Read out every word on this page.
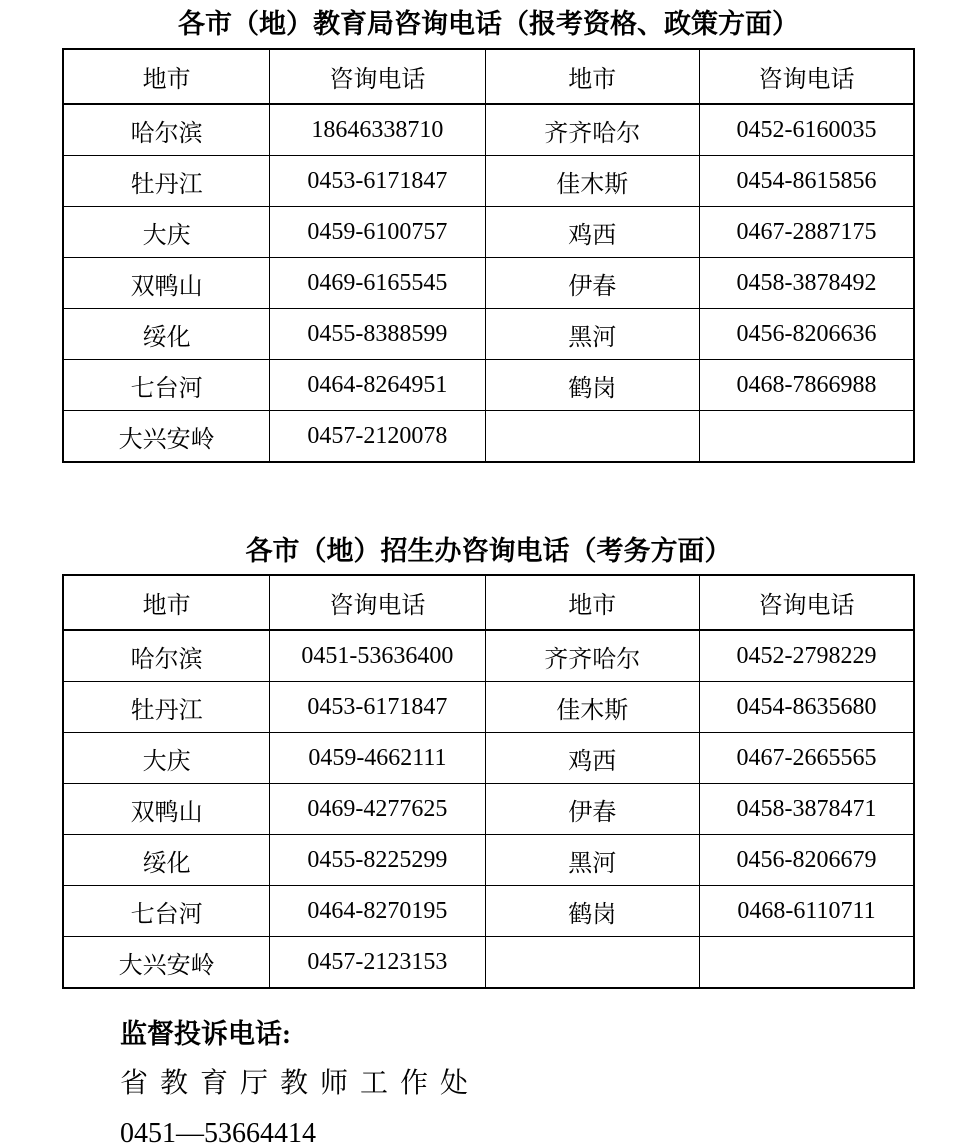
各市（地）教育局咨询电话（报考资格、政策方面）
地市	咨询电话	地市	咨询电话
哈尔滨	18646338710	齐齐哈尔	0452-6160035
牡丹江	0453-6171847	佳木斯	0454-8615856
大庆	0459-6100757	鸡西	0467-2887175
双鸭山	0469-6165545	伊春	0458-3878492
绥化	0455-8388599	黑河	0456-8206636
七台河	0464-8264951	鹤岗	0468-7866988
大兴安岭	0457-2120078		
各市（地）招生办咨询电话（考务方面）
地市	咨询电话	地市	咨询电话
哈尔滨	0451-53636400	齐齐哈尔	0452-2798229
牡丹江	0453-6171847	佳木斯	0454-8635680
大庆	0459-4662111	鸡西	0467-2665565
双鸭山	0469-4277625	伊春	0458-3878471
绥化	0455-8225299	黑河	0456-8206679
七台河	0464-8270195	鹤岗	0468-6110711
大兴安岭	0457-2123153		
监督投诉电话:
省教育厅教师工作处
0451—53664414
